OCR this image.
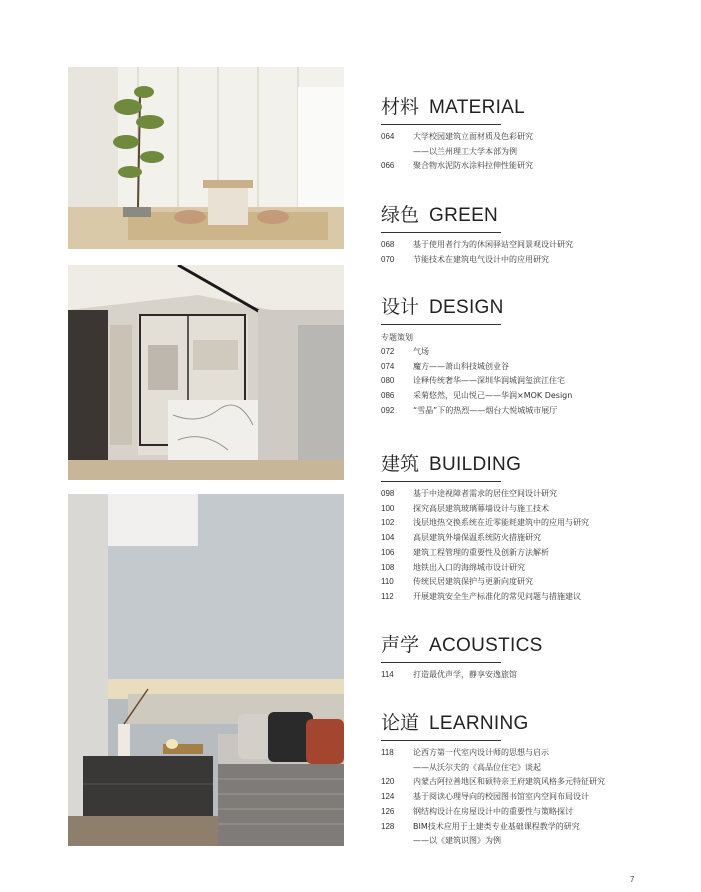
材料 MATERIAL
064 大学校园建筑立面材质及色彩研究
——以兰州理工大学本部为例
066 聚合物水泥防水涂料拉伸性能研究
绿色 GREEN
068 基于使用者行为的休闲驿站空间景观设计研究
070 节能技术在建筑电气设计中的应用研究
设计 DESIGN
专题策划
072 气场
074 魔方——萧山科技城创业谷
080 诠释传统奢华——深圳华润城润玺滨江住宅
086 采菊悠然，见山悦己——华润×MOK Design
092 “雪晶”下的热烈——烟台大悦城城市展厅
建筑 BUILDING
098 基于中途视障者需求的居住空间设计研究
100 探究高层建筑玻璃幕墙设计与施工技术
102 浅层地热交换系统在近零能耗建筑中的应用与研究
104 高层建筑外墙保温系统防火措施研究
106 建筑工程管理的重要性及创新方法解析
108 地铁出入口的海绵城市设计研究
110 传统民居建筑保护与更新向度研究
112 开展建筑安全生产标准化的常见问题与措施建议
声学 ACOUSTICS
114 打造最优声学，静享安逸旅馆
论道 LEARNING
118 论西方第一代室内设计师的思想与启示
——从沃尔夫的《高品位住宅》谈起
120 内蒙古阿拉善地区和硕特亲王府建筑风格多元特征研究
124 基于阅读心理导向的校园图书馆室内空间布局设计
126 钢结构设计在房屋设计中的重要性与策略探讨
128 BIM技术应用于土建类专业基础课程教学的研究
——以《建筑识图》为例
7
